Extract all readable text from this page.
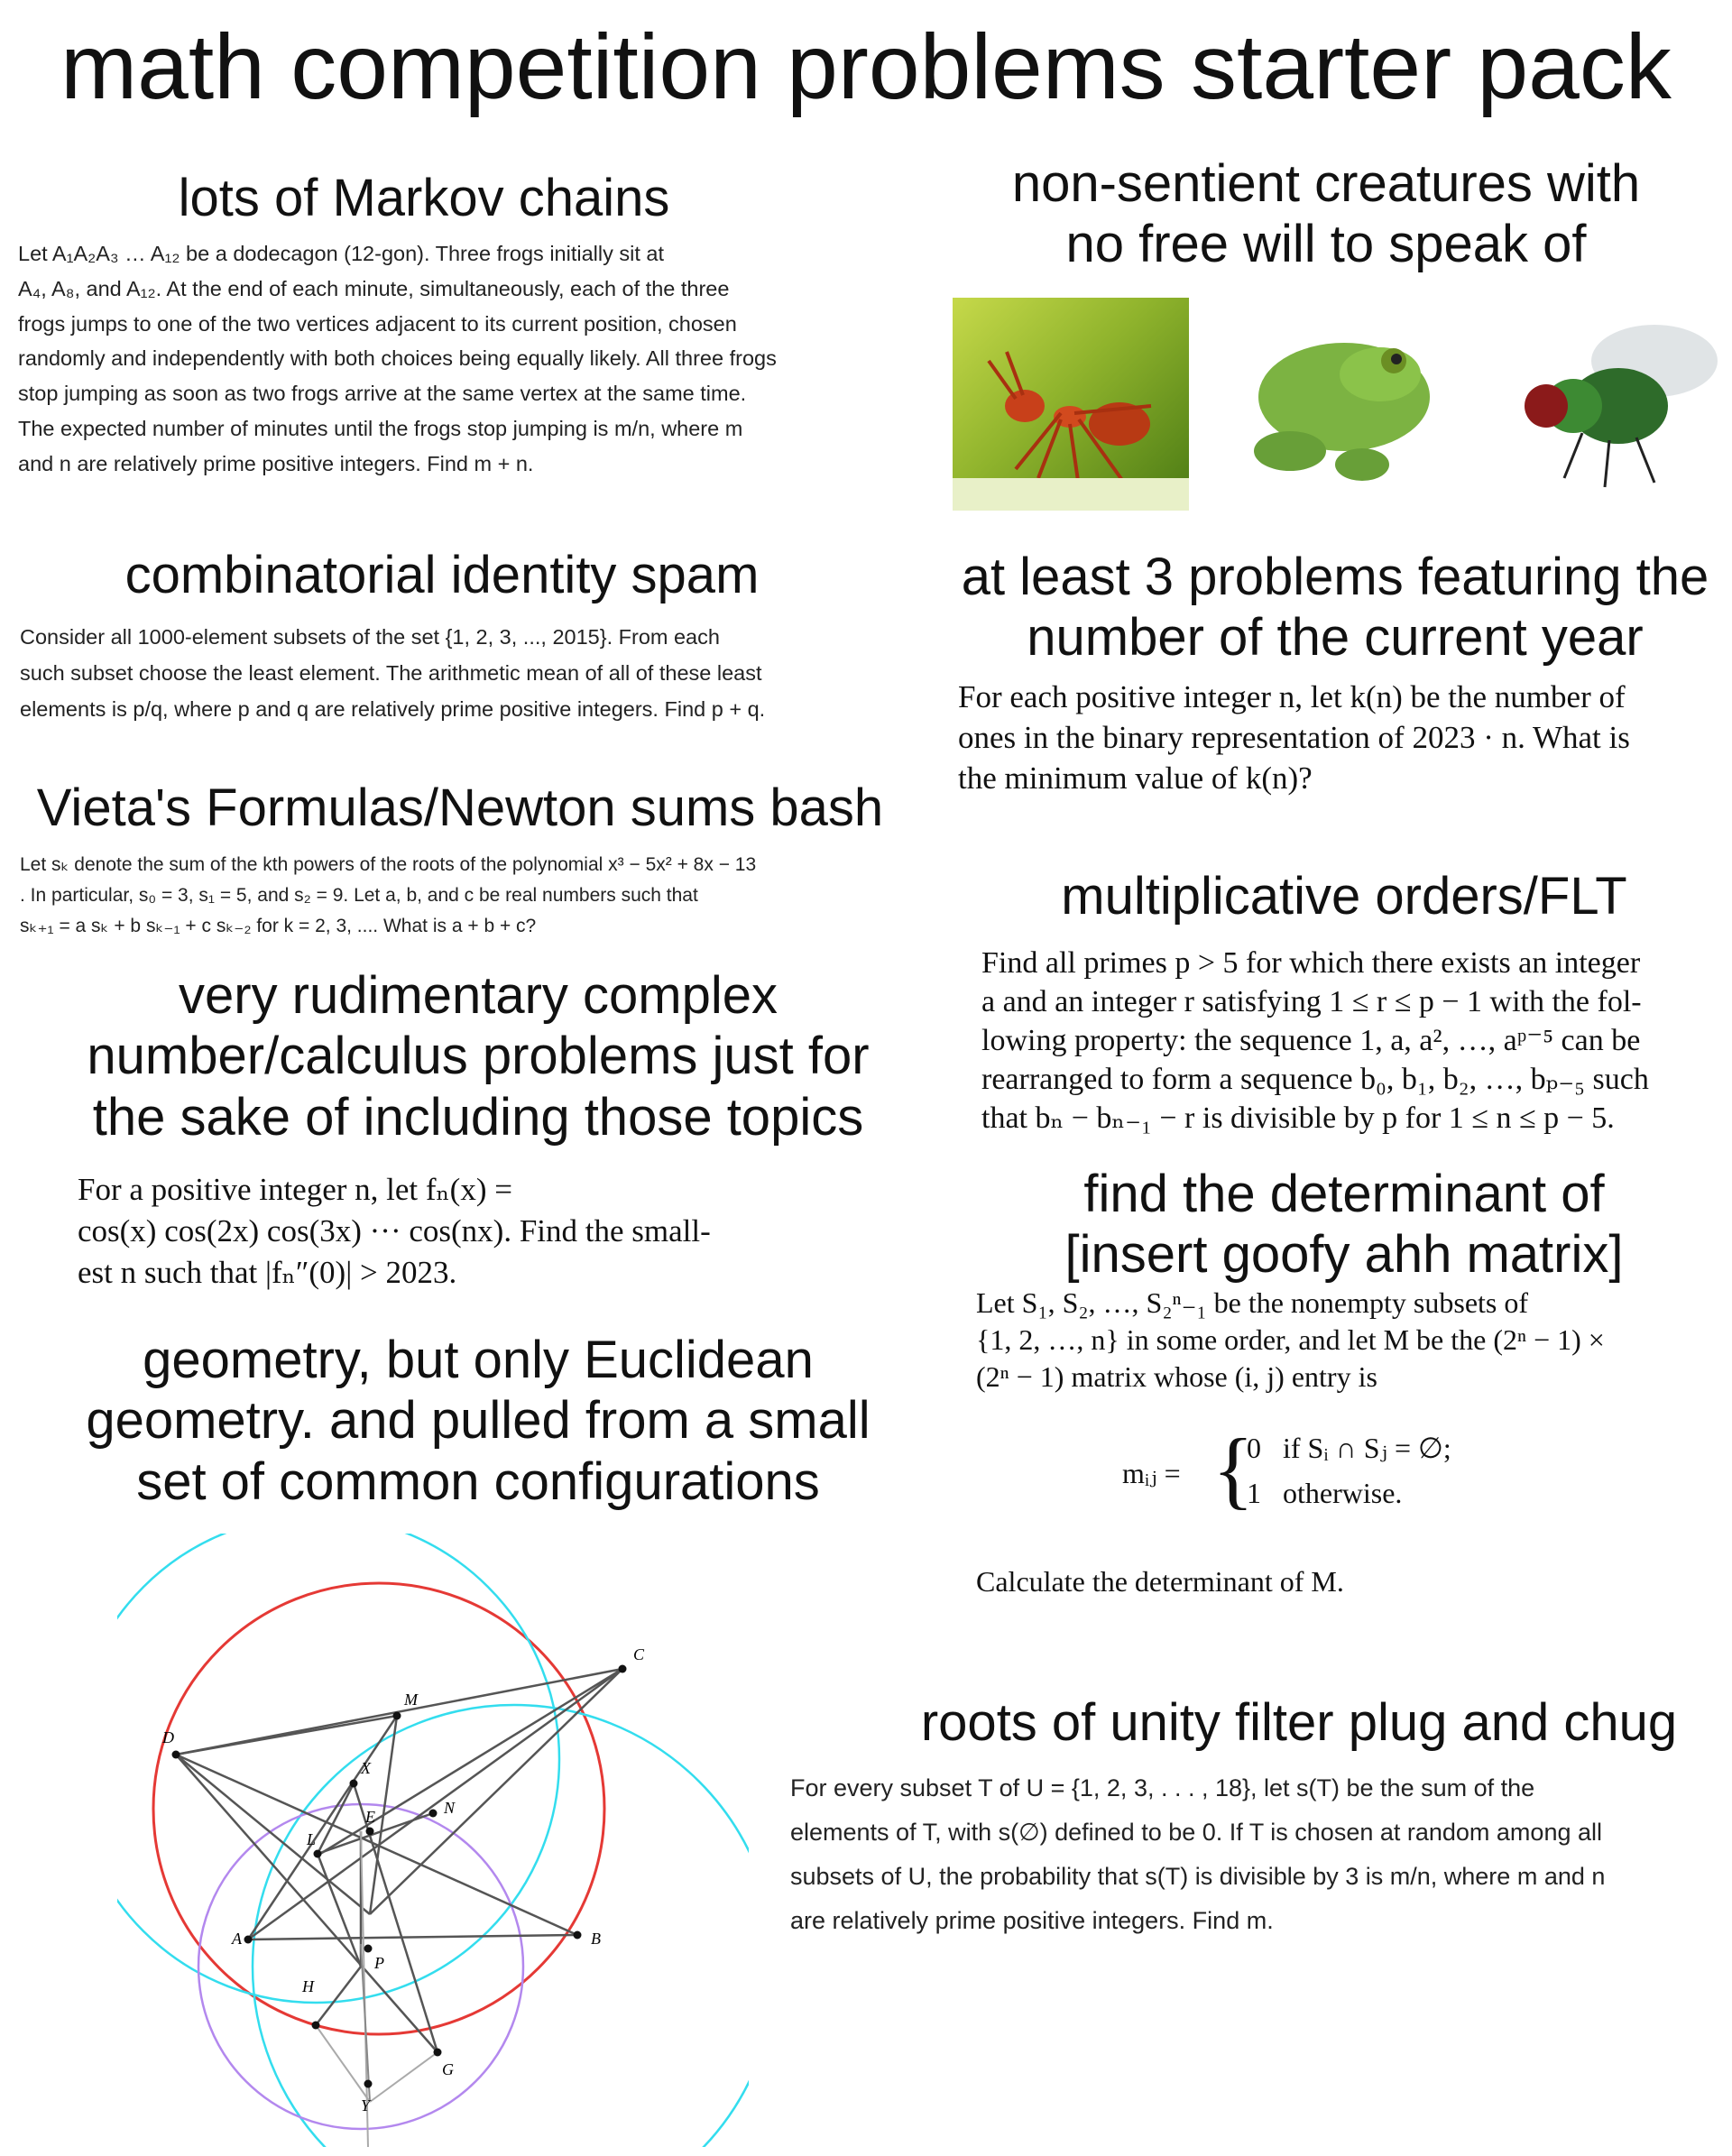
math competition problems starter pack
lots of Markov chains

Let A₁A₂A₃ … A₁₂ be a dodecagon (12-gon). Three frogs initially sit at
A₄, A₈, and A₁₂. At the end of each minute, simultaneously, each of the three
frogs jumps to one of the two vertices adjacent to its current position, chosen
randomly and independently with both choices being equally likely. All three frogs
stop jumping as soon as two frogs arrive at the same vertex at the same time.
The expected number of minutes until the frogs stop jumping is m/n, where m
and n are relatively prime positive integers. Find m + n.

combinatorial identity spam

Consider all 1000-element subsets of the set {1, 2, 3, ..., 2015}. From each
such subset choose the least element. The arithmetic mean of all of these least
elements is p/q, where p and q are relatively prime positive integers. Find p + q.

Vieta's Formulas/Newton sums bash

Let sₖ denote the sum of the kth powers of the roots of the polynomial x³ − 5x² + 8x − 13
. In particular, s₀ = 3, s₁ = 5, and s₂ = 9. Let a, b, and c be real numbers such that
sₖ₊₁ = a sₖ + b sₖ₋₁ + c sₖ₋₂ for k = 2, 3, .... What is a + b + c?

very rudimentary complex
number/calculus problems just for
the sake of including those topics

For a positive integer n, let fₙ(x) =
cos(x) cos(2x) cos(3x) ··· cos(nx). Find the small-
est n such that |fₙ″(0)| > 2023.

geometry, but only Euclidean
geometry. and pulled from a small
set of common configurations
C
M
D
X
E
L
N
A	B
P
H
G
Y
non-sentient creatures with
no free will to speak of
at least 3 problems featuring the
number of the current year

For each positive integer n, let k(n) be the number of
ones in the binary representation of 2023 · n. What is
the minimum value of k(n)?

multiplicative orders/FLT

Find all primes p > 5 for which there exists an integer
a and an integer r satisfying 1 ≤ r ≤ p − 1 with the fol-
lowing property: the sequence 1, a, a², …, aᵖ⁻⁵ can be
rearranged to form a sequence b₀, b₁, b₂, …, bₚ₋₅ such
that bₙ − bₙ₋₁ − r is divisible by p for 1 ≤ n ≤ p − 5.

find the determinant of
[insert goofy ahh matrix]

Let S₁, S₂, …, S₂ⁿ₋₁ be the nonempty subsets of
{1, 2, …, n} in some order, and let M be the (2ⁿ − 1) ×
(2ⁿ − 1) matrix whose (i, j) entry is

mᵢⱼ = {
0   if Sᵢ ∩ Sⱼ = ∅;
1   otherwise.

Calculate the determinant of M.

roots of unity filter plug and chug

For every subset T of U = {1, 2, 3, . . . , 18}, let s(T) be the sum of the
elements of T, with s(∅) defined to be 0. If T is chosen at random among all
subsets of U, the probability that s(T) is divisible by 3 is m/n, where m and n
are relatively prime positive integers. Find m.
